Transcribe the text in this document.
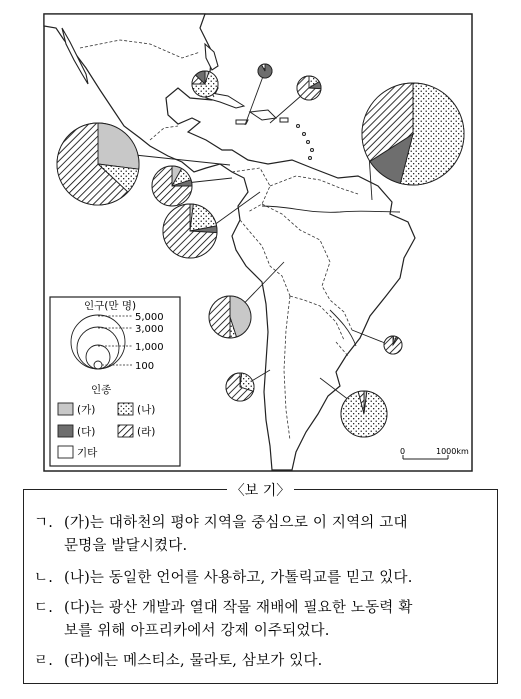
인구(만 명)
5,000
3,000
1,000
100
인종
(가)	(나)
(다)	(라)
기타	0	1000km
〈보 기〉
ㄱ. (가)는 대하천의 평야 지역을 중심으로 이 지역의 고대
문명을 발달시켰다.
ㄴ. (나)는 동일한 언어를 사용하고, 가톨릭교를 믿고 있다.
ㄷ. (다)는 광산 개발과 열대 작물 재배에 필요한 노동력 확
보를 위해 아프리카에서 강제 이주되었다.
ㄹ. (라)에는 메스티소, 물라토, 삼보가 있다.
